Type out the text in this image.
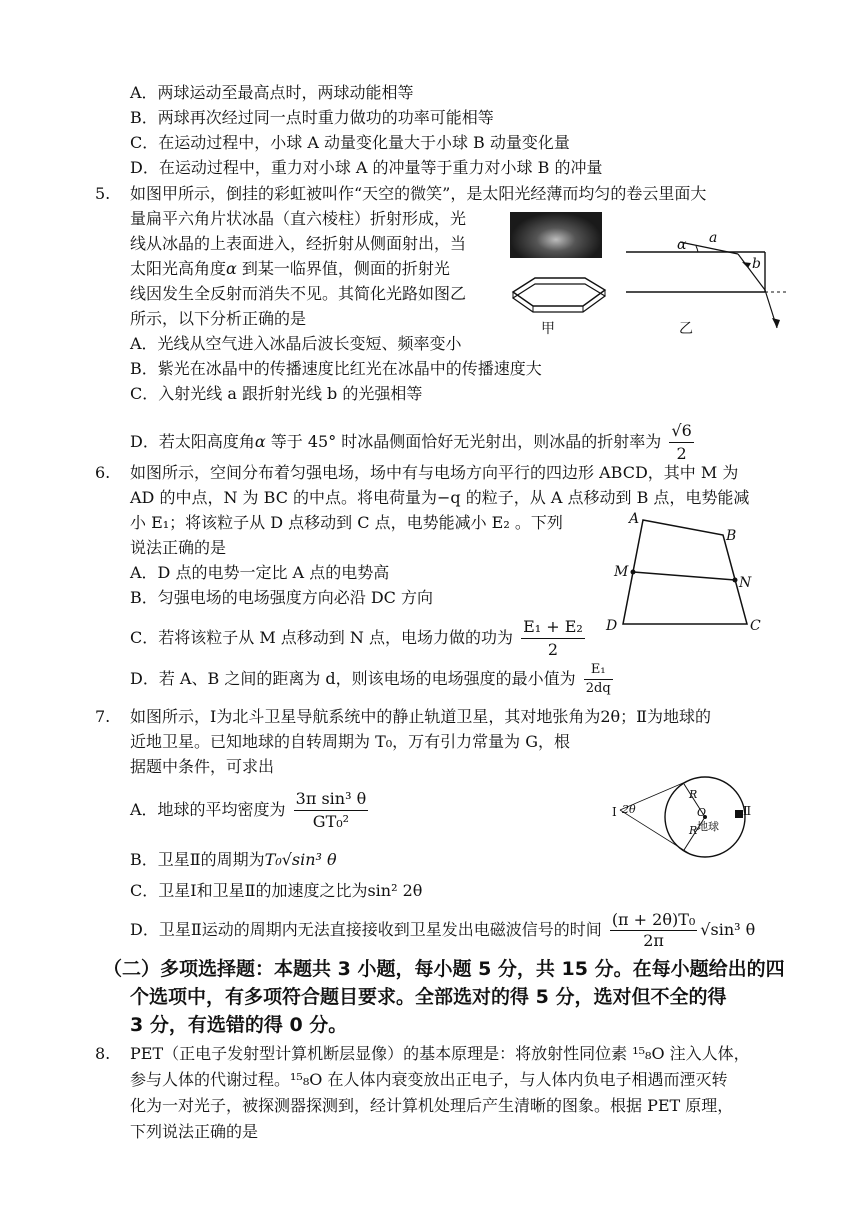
A．两球运动至最高点时，两球动能相等
B．两球再次经过同一点时重力做功的功率可能相等
C．在运动过程中，小球 A 动量变化量大于小球 B 动量变化量
D．在运动过程中，重力对小球 A 的冲量等于重力对小球 B 的冲量
5. 如图甲所示，倒挂的彩虹被叫作“天空的微笑”，是太阳光经薄而均匀的卷云里面大
量扁平六角片状冰晶（直六棱柱）折射形成，光
线从冰晶的上表面进入，经折射从侧面射出，当
太阳光高角度α 到某一临界值，侧面的折射光
线因发生全反射而消失不见。其简化光路如图乙
所示，以下分析正确的是
A．光线从空气进入冰晶后波长变短、频率变小
B．紫光在冰晶中的传播速度比红光在冰晶中的传播速度大
C．入射光线 a 跟折射光线 b 的光强相等
D．若太阳高度角α 等于 45° 时冰晶侧面恰好无光射出，则冰晶的折射率为 $\frac{√6}{2}$
甲
α a
b
乙
6. 如图所示，空间分布着匀强电场，场中有与电场方向平行的四边形 ABCD，其中 M 为
AD 的中点，N 为 BC 的中点。将电荷量为−q 的粒子，从 A 点移动到 B 点，电势能减
小 E₁；将该粒子从 D 点移动到 C 点，电势能减小 E₂ 。下列
说法正确的是
A．D 点的电势一定比 A 点的电势高
B．匀强电场的电场强度方向必沿 DC 方向
C．若将该粒子从 M 点移动到 N 点，电场力做的功为 $\frac{\text{E₁ + E₂}}{2}$
D．若 A、B 之间的距离为 d，则该电场的电场强度的最小值为 $\frac{\text{E₁}}{2dq}$
A
B
C
D
M
N
7. 如图所示，Ⅰ为北斗卫星导航系统中的静止轨道卫星，其对地张角为2θ；Ⅱ为地球的
近地卫星。已知地球的自转周期为 T₀，万有引力常量为 G，根
据题中条件，可求出
A．地球的平均密度为 $\frac{\text{3π sin³ θ}}{\text{GT₀²}}$
B．卫星Ⅱ的周期为T₀√sin³ θ
C．卫星Ⅰ和卫星Ⅱ的加速度之比为sin² 2θ
D．卫星Ⅱ运动的周期内无法直接接收到卫星发出电磁波信号的时间 $\frac{\text{(π + 2θ)T₀}}{2\pi} √\sin^3$ θ
Ⅰ 2θ
R
R
O
地球
Ⅱ
（二）多项选择题：本题共 3 小题，每小题 5 分，共 15 分。在每小题给出的四
个选项中，有多项符合题目要求。全部选对的得 5 分，选对但不全的得
3 分，有选错的得 0 分。
8. PET（正电子发射型计算机断层显像）的基本原理是：将放射性同位素 ¹⁵₈O 注入人体，
参与人体的代谢过程。¹⁵₈O 在人体内衰变放出正电子，与人体内负电子相遇而湮灭转
化为一对光子，被探测器探测到，经计算机处理后产生清晰的图象。根据 PET 原理，
下列说法正确的是
